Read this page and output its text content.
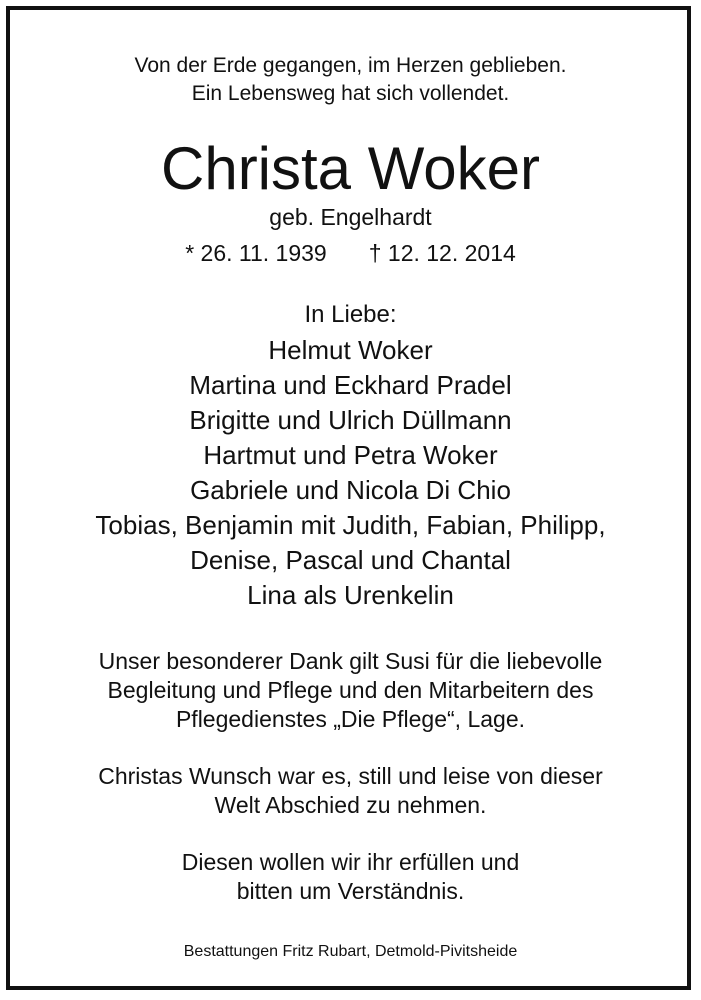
Von der Erde gegangen, im Herzen geblieben.
Ein Lebensweg hat sich vollendet.
Christa Woker
geb. Engelhardt
* 26. 11. 1939 † 12. 12. 2014
In Liebe:
Helmut Woker
Martina und Eckhard Pradel
Brigitte und Ulrich Düllmann
Hartmut und Petra Woker
Gabriele und Nicola Di Chio
Tobias, Benjamin mit Judith, Fabian, Philipp,
Denise, Pascal und Chantal
Lina als Urenkelin
Unser besonderer Dank gilt Susi für die liebevolle
Begleitung und Pflege und den Mitarbeitern des
Pflegedienstes „Die Pflege“, Lage.
Christas Wunsch war es, still und leise von dieser
Welt Abschied zu nehmen.
Diesen wollen wir ihr erfüllen und
bitten um Verständnis.
Bestattungen Fritz Rubart, Detmold-Pivitsheide
